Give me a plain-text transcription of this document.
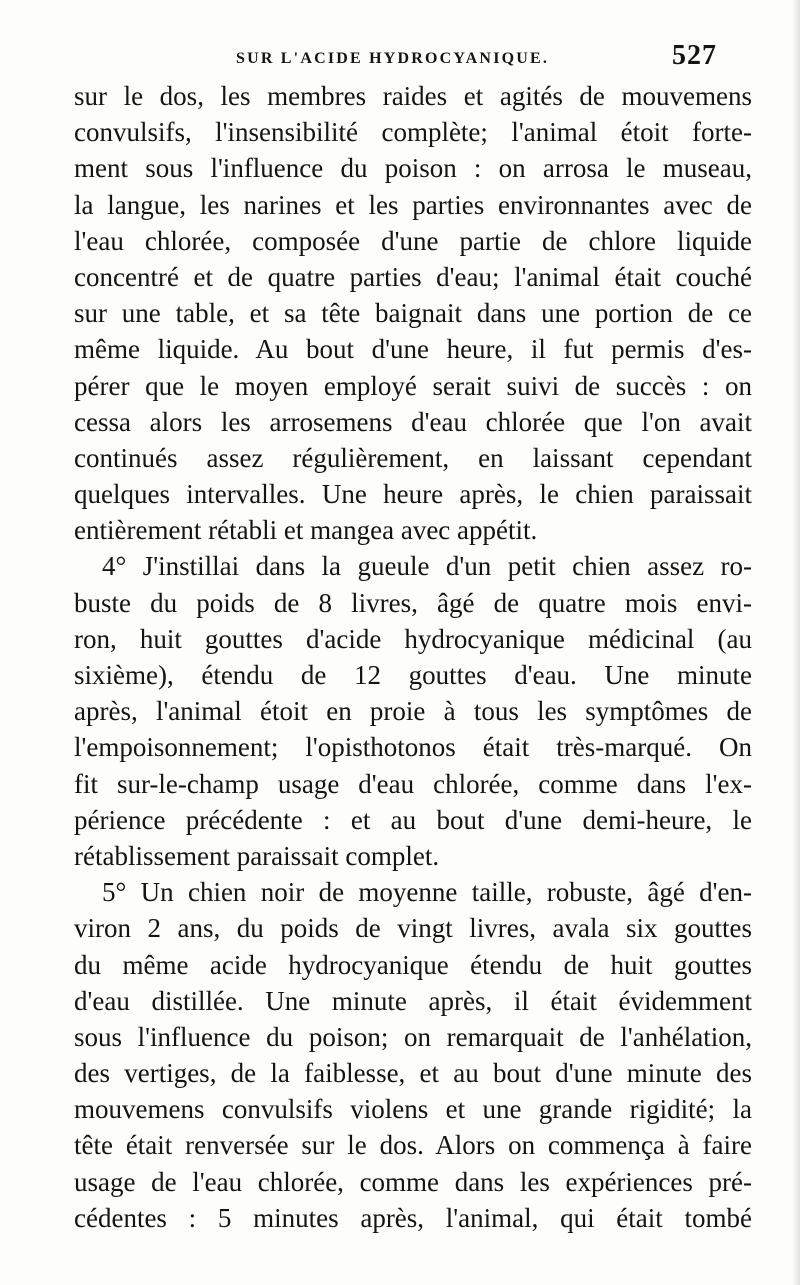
SUR L'ACIDE HYDROCYANIQUE.	527
sur le dos, les membres raides et agités de mouvemens
convulsifs, l'insensibilité complète; l'animal étoit forte-
ment sous l'influence du poison : on arrosa le museau,
la langue, les narines et les parties environnantes avec de
l'eau chlorée, composée d'une partie de chlore liquide
concentré et de quatre parties d'eau; l'animal était couché
sur une table, et sa tête baignait dans une portion de ce
même liquide. Au bout d'une heure, il fut permis d'es-
pérer que le moyen employé serait suivi de succès : on
cessa alors les arrosemens d'eau chlorée que l'on avait
continués assez régulièrement, en laissant cependant
quelques intervalles. Une heure après, le chien paraissait
entièrement rétabli et mangea avec appétit.
4° J'instillai dans la gueule d'un petit chien assez ro-
buste du poids de 8 livres, âgé de quatre mois envi-
ron, huit gouttes d'acide hydrocyanique médicinal (au
sixième), étendu de 12 gouttes d'eau. Une minute
après, l'animal étoit en proie à tous les symptômes de
l'empoisonnement; l'opisthotonos était très-marqué. On
fit sur-le-champ usage d'eau chlorée, comme dans l'ex-
périence précédente : et au bout d'une demi-heure, le
rétablissement paraissait complet.
5° Un chien noir de moyenne taille, robuste, âgé d'en-
viron 2 ans, du poids de vingt livres, avala six gouttes
du même acide hydrocyanique étendu de huit gouttes
d'eau distillée. Une minute après, il était évidemment
sous l'influence du poison; on remarquait de l'anhélation,
des vertiges, de la faiblesse, et au bout d'une minute des
mouvemens convulsifs violens et une grande rigidité; la
tête était renversée sur le dos. Alors on commença à faire
usage de l'eau chlorée, comme dans les expériences pré-
cédentes : 5 minutes après, l'animal, qui était tombé
